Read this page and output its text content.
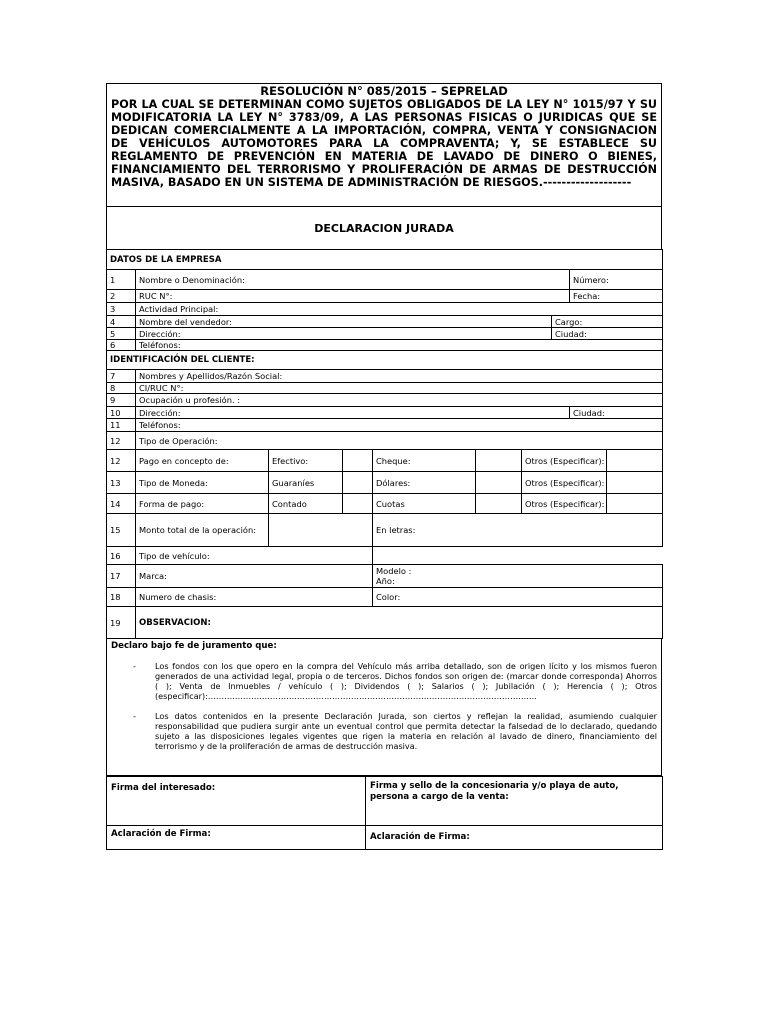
RESOLUCIÓN N° 085/2015 – SEPRELAD
POR LA CUAL SE DETERMINAN COMO SUJETOS OBLIGADOS DE LA LEY N° 1015/97 Y SU MODIFICATORIA LA LEY N° 3783/09, A LAS PERSONAS FISICAS O JURIDICAS QUE SE DEDICAN COMERCIALMENTE A LA IMPORTACIÓN, COMPRA, VENTA Y CONSIGNACION DE VEHÍCULOS AUTOMOTORES PARA LA COMPRAVENTA; Y, SE ESTABLECE SU REGLAMENTO DE PREVENCIÓN EN MATERIA DE LAVADO DE DINERO O BIENES, FINANCIAMIENTO DEL TERRORISMO Y PROLIFERACIÓN DE ARMAS DE DESTRUCCIÓN MASIVA, BASADO EN UN SISTEMA DE ADMINISTRACIÓN DE RIESGOS.-------------------
DECLARACION JURADA
DATOS DE LA EMPRESA									
1	Nombre o Denominación:							Número:	
2	RUC N°:							Fecha:	
3	Actividad Principal:								
4	Nombre del vendedor:						Cargo:		
5	Dirección:						Ciudad:		
6	Teléfonos:								
IDENTIFICACIÓN DEL CLIENTE:									
7	Nombres y Apellidos/Razón Social:								
8	CI/RUC N°:								
9	Ocupación u profesión. :								
10	Dirección:							Ciudad:	
11	Teléfonos:								
12	Tipo de Operación:								
12	Pago en concepto de:	Efectivo:		Cheque:		Otros (Especificar):			
13	Tipo de Moneda:	Guaraníes		Dólares:		Otros (Especificar):			
14	Forma de pago:	Contado		Cuotas		Otros (Especificar):			
15	Monto total de la operación:			En letras:					
16	Tipo de vehículo:								
17	Marca:			Modelo :
Año:					
18	Numero de chasis:			Color:					
19	OBSERVACION:								
Declaro bajo fe de juramento que:
-	Los fondos con los que opero en la compra del Vehículo más arriba detallado, son de origen lícito y los mismos fueron generados de una actividad legal, propia o de terceros. Dichos fondos son origen de: (marcar donde corresponda) Ahorros ( ); Venta de Inmuebles / vehículo ( ); Dividendos ( ); Salarios ( ); Jubilación ( ); Herencia ( ); Otros (especificar):…………………………………………………………………………………………………………..
-	Los datos contenidos en la presente Declaración Jurada, son ciertos y reflejan la realidad, asumiendo cualquier responsabilidad que pudiera surgir ante un eventual control que permita detectar la falsedad de lo declarado, quedando sujeto a las disposiciones legales vigentes que rigen la materia en relación al lavado de dinero, financiamiento del terrorismo y de la proliferación de armas de destrucción masiva.
Firma del interesado:	Firma y sello de la concesionaria y/o playa de auto, persona a cargo de la venta:
Aclaración de Firma:	Aclaración de Firma:
